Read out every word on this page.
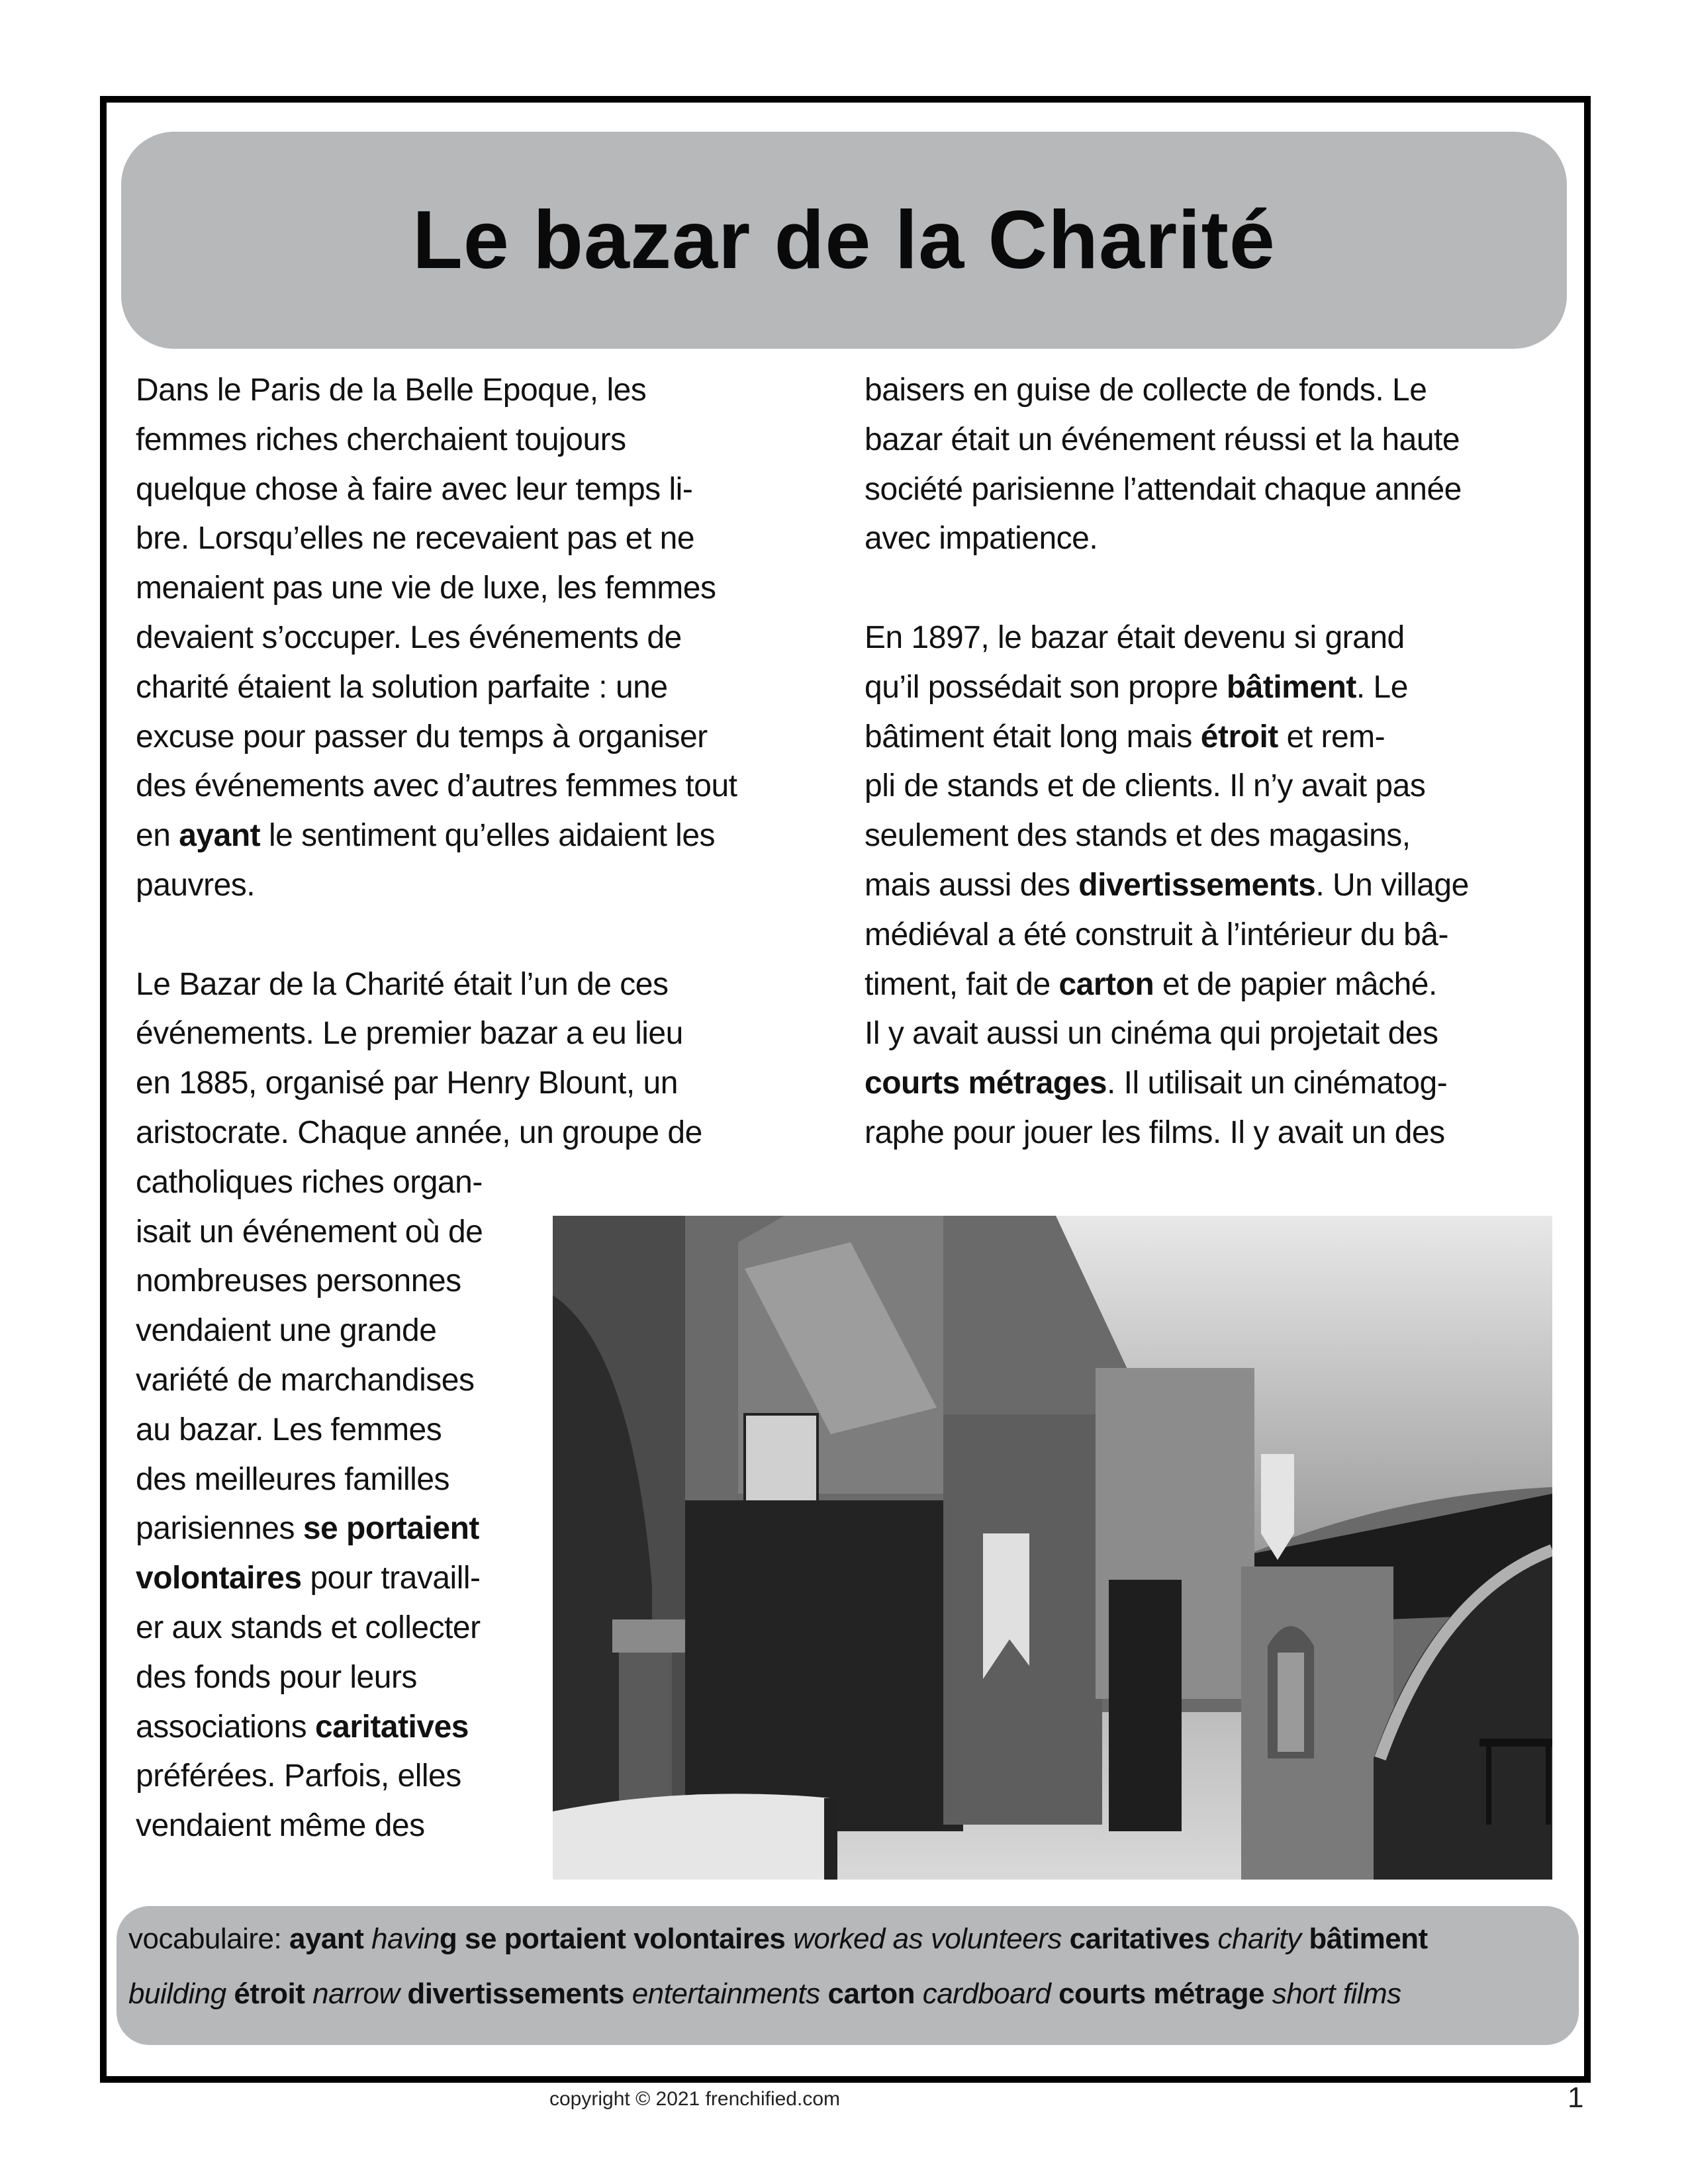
Le bazar de la Charité
Dans le Paris de la Belle Epoque, les
femmes riches cherchaient toujours
quelque chose à faire avec leur temps li-
bre. Lorsqu’elles ne recevaient pas et ne
menaient pas une vie de luxe, les femmes
devaient s’occuper. Les événements de
charité étaient la solution parfaite : une
excuse pour passer du temps à organiser
des événements avec d’autres femmes tout
en ayant le sentiment qu’elles aidaient les
pauvres.
Le Bazar de la Charité était l’un de ces
événements. Le premier bazar a eu lieu
en 1885, organisé par Henry Blount, un
aristocrate. Chaque année, un groupe de
catholiques riches organ-
isait un événement où de
nombreuses personnes
vendaient une grande
variété de marchandises
au bazar. Les femmes
des meilleures familles
parisiennes se portaient
volontaires pour travaill-
er aux stands et collecter
des fonds pour leurs
associations caritatives
préférées. Parfois, elles
vendaient même des
baisers en guise de collecte de fonds. Le
bazar était un événement réussi et la haute
société parisienne l’attendait chaque année
avec impatience.
En 1897, le bazar était devenu si grand
qu’il possédait son propre bâtiment. Le
bâtiment était long mais étroit et rem-
pli de stands et de clients. Il n’y avait pas
seulement des stands et des magasins,
mais aussi des divertissements. Un village
médiéval a été construit à l’intérieur du bâ-
timent, fait de carton et de papier mâché.
Il y avait aussi un cinéma qui projetait des
courts métrages. Il utilisait un cinématog-
raphe pour jouer les films. Il y avait un des
vocabulaire: ayant having se portaient volontaires worked as volunteers caritatives charity bâtiment
building étroit narrow divertissements entertainments carton cardboard courts métrage short films
copyright © 2021 frenchified.com	1
